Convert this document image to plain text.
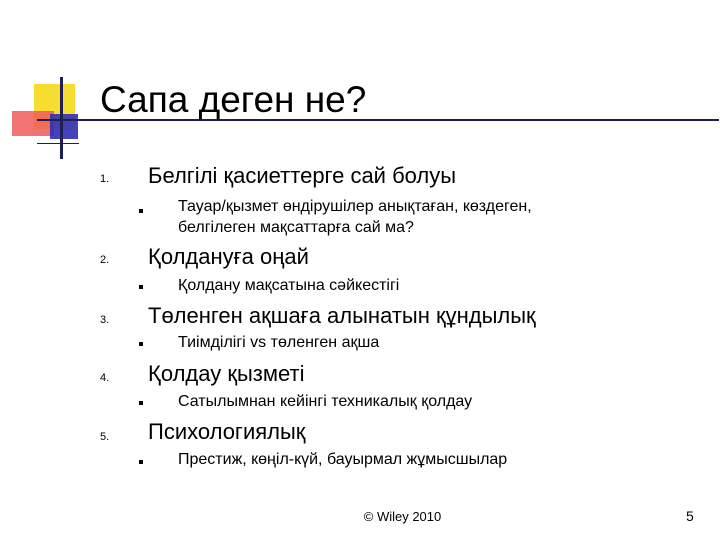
Сапа деген не?
1. Белгілі қасиеттерге сай болуы
Тауар/қызмет өндірушілер анықтаған, көздеген,
белгілеген мақсаттарға сай ма?
2. Қолдануға оңай
Қолдану мақсатына сәйкестігі
3. Төленген ақшаға алынатын құндылық
Тиімділігі vs төленген ақша
4. Қолдау қызметі
Сатылымнан кейінгі техникалық қолдау
5. Психологиялық
Престиж, көңіл-күй, бауырмал жұмысшылар
© Wiley 2010	5
